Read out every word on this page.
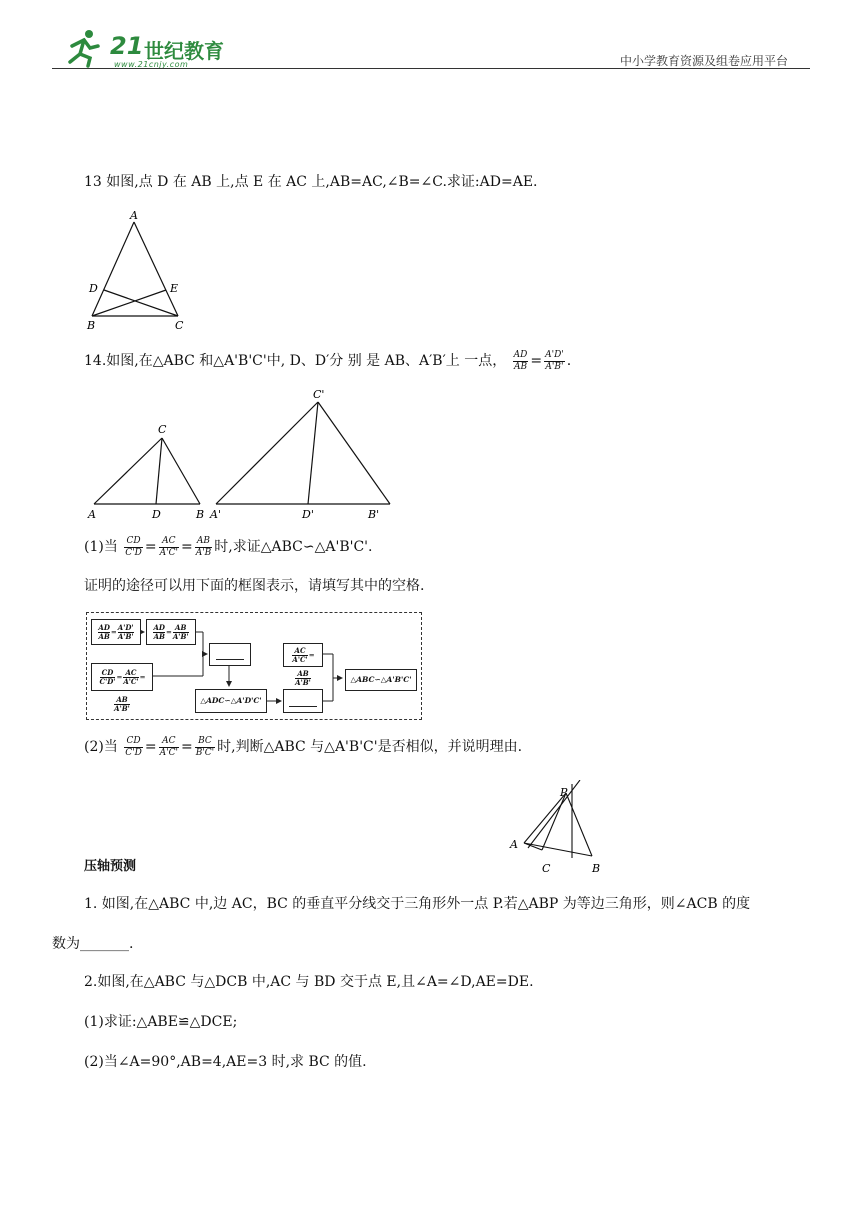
21 世纪教育
www.21cnjy.com	中小学教育资源及组卷应用平台
13 如图,点 D 在 AB 上,点 E 在 AC 上,AB=AC,∠B=∠C.求证:AD=AE.
A
D	E
B	C
14.如图,在△ABC 和△A'B'C'中, D、D′分 别 是 AB、A′B′上 一点， $\frac{AD}{AB} = \frac{A'D'}{A'B'}$ .
C
A	D	B
C'
A'	D'	B'
(1)当 $\frac{CD}{C'D} = \frac{AC}{A'C'} = \frac{AB}{A'B}$ 时,求证△ABC∽△A'B'C'.
证明的途径可以用下面的框图表示，请填写其中的空格.
$\frac{AD}{AB} = \frac{A'D'}{A'B'}$	$\frac{AD}{AB} = \frac{AB}{A'B'}$
$\frac{CD}{C'D'} = \frac{AC}{A'C'}$ =
$\frac{AB}{A'B'}$
$\frac{AC}{A'C'}$ =
$\frac{AB}{A'B'}$
△ADC∽△A'D'C'
△ABC∽△A'B'C'
(2)当 $\frac{CD}{C'D} = \frac{AC}{A'C'} = \frac{BC}{B'C'}$ 时,判断△ABC 与△A'B'C'是否相似，并说明理由.
P
A
C	B
压轴预测
1. 如图,在△ABC 中,边 AC，BC 的垂直平分线交于三角形外一点 P.若△ABP 为等边三角形，则∠ACB 的度
数为_______.
2.如图,在△ABC 与△DCB 中,AC 与 BD 交于点 E,且∠A=∠D,AE=DE.
(1)求证:△ABE≌△DCE;
(2)当∠A=90°,AB=4,AE=3 时,求 BC 的值.
